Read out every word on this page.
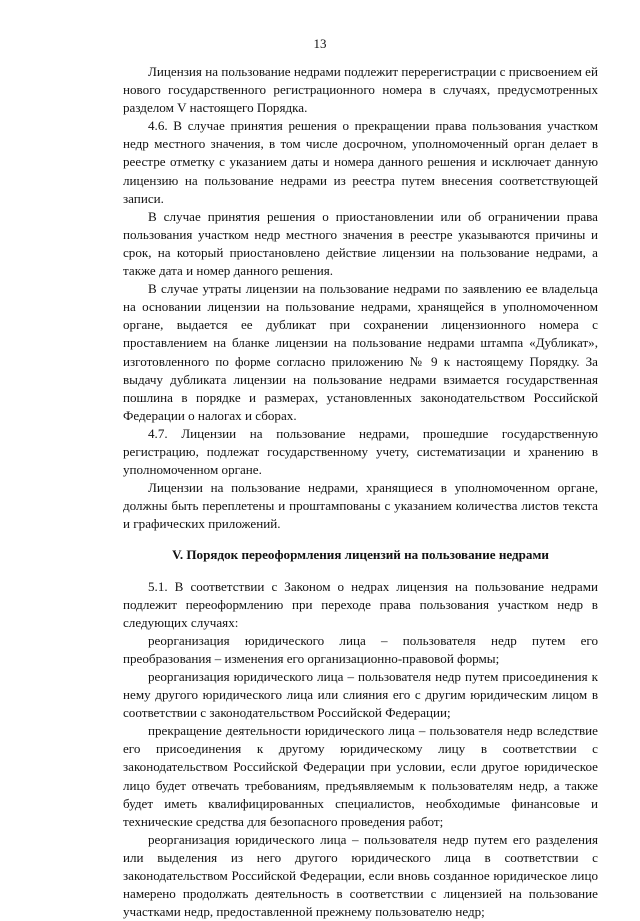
13

Лицензия на пользование недрами подлежит перерегистрации с присвоением ей нового государственного регистрационного номера в случаях, предусмотренных разделом V настоящего Порядка.

4.6. В случае принятия решения о прекращении права пользования участком недр местного значения, в том числе досрочном, уполномоченный орган делает в реестре отметку с указанием даты и номера данного решения и исключает данную лицензию на пользование недрами из реестра путем внесения соответствующей записи.

В случае принятия решения о приостановлении или об ограничении права пользования участком недр местного значения в реестре указываются причины и срок, на который приостановлено действие лицензии на пользование недрами, а также дата и номер данного решения.

В случае утраты лицензии на пользование недрами по заявлению ее владельца на основании лицензии на пользование недрами, хранящейся в уполномоченном органе, выдается ее дубликат при сохранении лицензионного номера с проставлением на бланке лицензии на пользование недрами штампа «Дубликат», изготовленного по форме согласно приложению № 9 к настоящему Порядку. За выдачу дубликата лицензии на пользование недрами взимается государственная пошлина в порядке и размерах, установленных законодательством Российской Федерации о налогах и сборах.

4.7. Лицензии на пользование недрами, прошедшие государственную регистрацию, подлежат государственному учету, систематизации и хранению в уполномоченном органе.

Лицензии на пользование недрами, хранящиеся в уполномоченном органе, должны быть переплетены и проштампованы с указанием количества листов текста и графических приложений.

V. Порядок переоформления лицензий на пользование недрами

5.1. В соответствии с Законом о недрах лицензия на пользование недрами подлежит переоформлению при переходе права пользования участком недр в следующих случаях:

реорганизация юридического лица – пользователя недр путем его преобразования – изменения его организационно-правовой формы;

реорганизация юридического лица – пользователя недр путем присоединения к нему другого юридического лица или слияния его с другим юридическим лицом в соответствии с законодательством Российской Федерации;

прекращение деятельности юридического лица – пользователя недр вследствие его присоединения к другому юридическому лицу в соответствии с законодательством Российской Федерации при условии, если другое юридическое лицо будет отвечать требованиям, предъявляемым к пользователям недр, а также будет иметь квалифицированных специалистов, необходимые финансовые и технические средства для безопасного проведения работ;

реорганизация юридического лица – пользователя недр путем его разделения или выделения из него другого юридического лица в соответствии с законодательством Российской Федерации, если вновь созданное юридическое лицо намерено продолжать деятельность в соответствии с лицензией на пользование участками недр, предоставленной прежнему пользователю недр;
